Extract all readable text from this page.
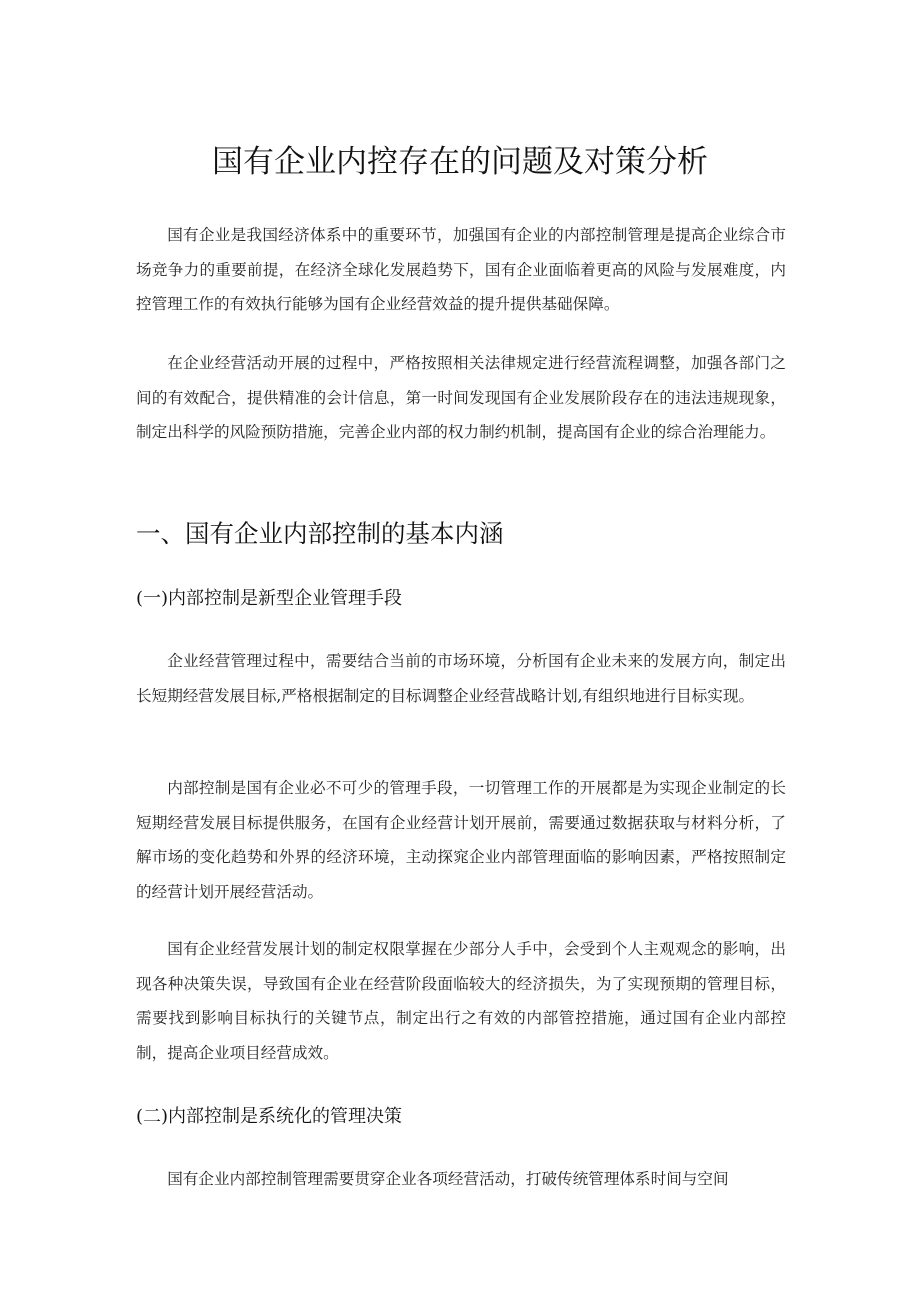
国有企业内控存在的问题及对策分析

国有企业是我国经济体系中的重要环节，加强国有企业的内部控制管理是提高企业综合市场竞争力的重要前提，在经济全球化发展趋势下，国有企业面临着更高的风险与发展难度，内控管理工作的有效执行能够为国有企业经营效益的提升提供基础保障。

在企业经营活动开展的过程中，严格按照相关法律规定进行经营流程调整，加强各部门之间的有效配合，提供精准的会计信息，第一时间发现国有企业发展阶段存在的违法违规现象，制定出科学的风险预防措施，完善企业内部的权力制约机制，提高国有企业的综合治理能力。

一、国有企业内部控制的基本内涵
(一)内部控制是新型企业管理手段

企业经营管理过程中，需要结合当前的市场环境，分析国有企业未来的发展方向，制定出长短期经营发展目标,严格根据制定的目标调整企业经营战略计划,有组织地进行目标实现。

内部控制是国有企业必不可少的管理手段，一切管理工作的开展都是为实现企业制定的长短期经营发展目标提供服务，在国有企业经营计划开展前，需要通过数据获取与材料分析，了解市场的变化趋势和外界的经济环境，主动探窕企业内部管理面临的影响因素，严格按照制定的经营计划开展经营活动。

国有企业经营发展计划的制定权限掌握在少部分人手中，会受到个人主观观念的影响，出现各种决策失误，导致国有企业在经营阶段面临较大的经济损失，为了实现预期的管理目标，需要找到影响目标执行的关键节点，制定出行之有效的内部管控措施，通过国有企业内部控制，提高企业项目经营成效。

(二)内部控制是系统化的管理决策

国有企业内部控制管理需要贯穿企业各项经营活动，打破传统管理体系时间与空间
